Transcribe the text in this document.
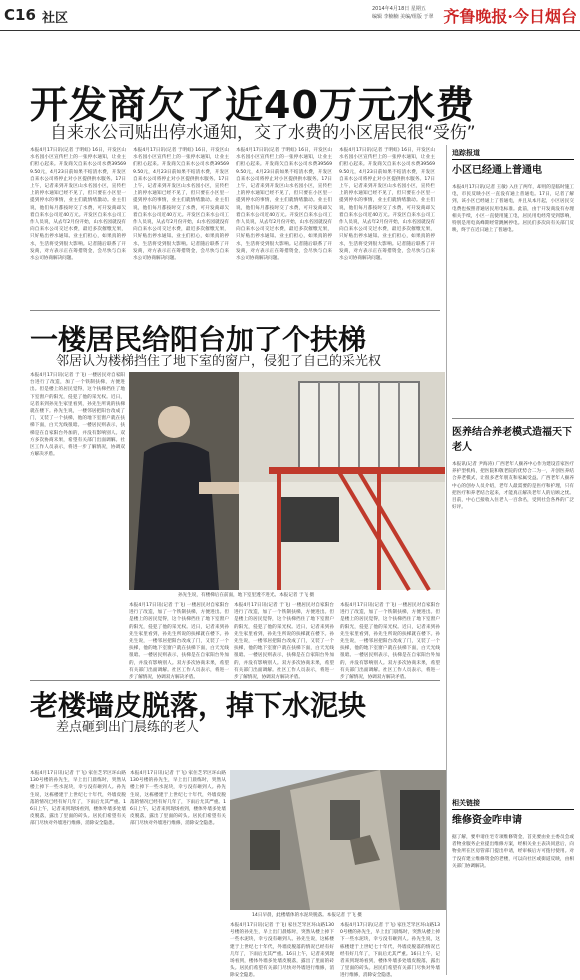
C16 社区
2014年4月18日 星期五
编辑 李楠楠 美编/组版 于翠 齐鲁晚报·今日烟台
开发商欠了近40万元水费
自来水公司贴出停水通知，交了水费的小区居民很“受伤”
本报4月17日讯(记者 于明虹) 16日，开发区山水名园小区宣传栏上的一张停水通知，让业主们担心起来。开发商欠自来水公司水费395699.50元，4月23日前如果不结清水费，开发区自来水公司将停止对小区提供供水服务。17日上午，记者来到开发区山水名园小区，宣传栏上的停水通知已经不见了，但只要在小区里一提到停水的事情，业主们就情绪激动。业主们说，他们每月都按时交了水费，可开发商却欠着自来水公司近40万元。开发区自来水公司工作人员说，从去年2月份开始，山水名园就没有向自来水公司交过水费，最近多次催缴无果，只好贴出停水通知。业主们担心，如果真的停水，生活将受到很大影响。记者随后联系了开发商，对方表示正在筹措资金，会尽快与自来水公司协商解决问题。
本报4月17日讯(记者 于明虹) 16日，开发区山水名园小区宣传栏上的一张停水通知，让业主们担心起来。开发商欠自来水公司水费395699.50元，4月23日前如果不结清水费，开发区自来水公司将停止对小区提供供水服务。17日上午，记者来到开发区山水名园小区，宣传栏上的停水通知已经不见了，但只要在小区里一提到停水的事情，业主们就情绪激动。业主们说，他们每月都按时交了水费，可开发商却欠着自来水公司近40万元。开发区自来水公司工作人员说，从去年2月份开始，山水名园就没有向自来水公司交过水费，最近多次催缴无果，只好贴出停水通知。业主们担心，如果真的停水，生活将受到很大影响。记者随后联系了开发商，对方表示正在筹措资金，会尽快与自来水公司协商解决问题。
本报4月17日讯(记者 于明虹) 16日，开发区山水名园小区宣传栏上的一张停水通知，让业主们担心起来。开发商欠自来水公司水费395699.50元，4月23日前如果不结清水费，开发区自来水公司将停止对小区提供供水服务。17日上午，记者来到开发区山水名园小区，宣传栏上的停水通知已经不见了，但只要在小区里一提到停水的事情，业主们就情绪激动。业主们说，他们每月都按时交了水费，可开发商却欠着自来水公司近40万元。开发区自来水公司工作人员说，从去年2月份开始，山水名园就没有向自来水公司交过水费，最近多次催缴无果，只好贴出停水通知。业主们担心，如果真的停水，生活将受到很大影响。记者随后联系了开发商，对方表示正在筹措资金，会尽快与自来水公司协商解决问题。
本报4月17日讯(记者 于明虹) 16日，开发区山水名园小区宣传栏上的一张停水通知，让业主们担心起来。开发商欠自来水公司水费395699.50元，4月23日前如果不结清水费，开发区自来水公司将停止对小区提供供水服务。17日上午，记者来到开发区山水名园小区，宣传栏上的停水通知已经不见了，但只要在小区里一提到停水的事情，业主们就情绪激动。业主们说，他们每月都按时交了水费，可开发商却欠着自来水公司近40万元。开发区自来水公司工作人员说，从去年2月份开始，山水名园就没有向自来水公司交过水费，最近多次催缴无果，只好贴出停水通知。业主们担心，如果真的停水，生活将受到很大影响。记者随后联系了开发商，对方表示正在筹措资金，会尽快与自来水公司协商解决问题。
追踪报道
小区已经通上普通电
本报4月17日讯(记者 王敏) 入住了两年，却用的是临时施工电，市民反映小区一直没有通上普通电。17日，记者了解到，该小区已经通上了普通电，并且从本月起，小区居民交电费也按照普通居民用电标准。此前，由于开发商没有办理相关手续，小区一直使用施工电，居民用电经常受到影响，特别是用电高峰期经常跳闸停电。居民们多次向有关部门反映，终于在近日通上了普通电。
一楼居民给阳台加了个扶梯
邻居认为楼梯挡住了地下室的窗户，侵犯了自己的采光权
本报4月17日讯(记者 于飞) 一楼居民对自家阳台进行了改造，加了一个铁制扶梯，方便进出。但是楼上的居民觉得，这个扶梯挡住了地下室窗户的阳光，侵犯了他的采光权。近日，记者来到孙先生家里看到，孙先生所说的扶梯就在楼下。孙先生说，一楼邻居把阳台改成了门，又装了一个扶梯，他的地下室窗户就在扶梯下面，白天光线很暗。一楼居民则表示，扶梯是在自家阳台外加的，并没有影响别人。双方多次协商未果，希望有关部门出面调解。社区工作人员表示，将进一步了解情况，协调双方解决矛盾。
孙先生说，有楼梯后在前面，地下室里透不进光。本报记者 于飞 摄
本报4月17日讯(记者 于飞) 一楼居民对自家阳台进行了改造，加了一个铁制扶梯，方便进出。但是楼上的居民觉得，这个扶梯挡住了地下室窗户的阳光，侵犯了他的采光权。近日，记者来到孙先生家里看到，孙先生所说的扶梯就在楼下。孙先生说，一楼邻居把阳台改成了门，又装了一个扶梯，他的地下室窗户就在扶梯下面，白天光线很暗。一楼居民则表示，扶梯是在自家阳台外加的，并没有影响别人。双方多次协商未果，希望有关部门出面调解。社区工作人员表示，将进一步了解情况，协调双方解决矛盾。
本报4月17日讯(记者 于飞) 一楼居民对自家阳台进行了改造，加了一个铁制扶梯，方便进出。但是楼上的居民觉得，这个扶梯挡住了地下室窗户的阳光，侵犯了他的采光权。近日，记者来到孙先生家里看到，孙先生所说的扶梯就在楼下。孙先生说，一楼邻居把阳台改成了门，又装了一个扶梯，他的地下室窗户就在扶梯下面，白天光线很暗。一楼居民则表示，扶梯是在自家阳台外加的，并没有影响别人。双方多次协商未果，希望有关部门出面调解。社区工作人员表示，将进一步了解情况，协调双方解决矛盾。
本报4月17日讯(记者 于飞) 一楼居民对自家阳台进行了改造，加了一个铁制扶梯，方便进出。但是楼上的居民觉得，这个扶梯挡住了地下室窗户的阳光，侵犯了他的采光权。近日，记者来到孙先生家里看到，孙先生所说的扶梯就在楼下。孙先生说，一楼邻居把阳台改成了门，又装了一个扶梯，他的地下室窗户就在扶梯下面，白天光线很暗。一楼居民则表示，扶梯是在自家阳台外加的，并没有影响别人。双方多次协商未果，希望有关部门出面调解。社区工作人员表示，将进一步了解情况，协调双方解决矛盾。
医养结合养老模式造福天下老人
本报讯(记者 尹海涛) 广西老年人颐养中心作为建设首家医疗养护型机构，把医院和敬老院的优势合二为一，开创医养结合养老模式，让很多老年朋友和家属受益。广西老年人颐养中心的创办人员介绍，老年人最需要的是医疗和护理，只有把医疗和养老结合起来，才能真正解决老年人的后顾之忧。目前，中心已接收入住老人一百余名，受到社会各界的广泛好评。
老楼墙皮脱落，掉下水泥块
差点砸到出门晨练的老人
本报4月17日讯(记者 于飞) 家住芝罘区环山路130号楼的孙先生，早上出门晨练时，突然从楼上掉下一些水泥块，幸亏没有砸到人。孙先生说，这栋楼建于上世纪七十年代，外墙皮脱落的情况已经有好几年了，下雨后尤其严重。16日上午，记者来到现场看到，楼体外墙多处墙皮脱落，露出了里面的砖头。居民们希望有关部门尽快对外墙进行维修，消除安全隐患。
本报4月17日讯(记者 于飞) 家住芝罘区环山路130号楼的孙先生，早上出门晨练时，突然从楼上掉下一些水泥块，幸亏没有砸到人。孙先生说，这栋楼建于上世纪七十年代，外墙皮脱落的情况已经有好几年了，下雨后尤其严重。16日上午，记者来到现场看到，楼体外墙多处墙皮脱落，露出了里面的砖头。居民们希望有关部门尽快对外墙进行维修，消除安全隐患。
14日早晨，此楼墙体的水泥块脱落。本报记者 于飞 摄
本报4月17日讯(记者 于飞) 家住芝罘区环山路130号楼的孙先生，早上出门晨练时，突然从楼上掉下一些水泥块，幸亏没有砸到人。孙先生说，这栋楼建于上世纪七十年代，外墙皮脱落的情况已经有好几年了，下雨后尤其严重。16日上午，记者来到现场看到，楼体外墙多处墙皮脱落，露出了里面的砖头。居民们希望有关部门尽快对外墙进行维修，消除安全隐患。
本报4月17日讯(记者 于飞) 家住芝罘区环山路130号楼的孙先生，早上出门晨练时，突然从楼上掉下一些水泥块，幸亏没有砸到人。孙先生说，这栋楼建于上世纪七十年代，外墙皮脱落的情况已经有好几年了，下雨后尤其严重。16日上午，记者来到现场看到，楼体外墙多处墙皮脱落，露出了里面的砖头。居民们希望有关部门尽快对外墙进行维修，消除安全隐患。
相关链接
维修资金咋申请
据了解，要申请住宅专项维修资金，首先要由业主委员会或者物业服务企业提出维修方案，经相关业主表决同意后，向物业所在区房管部门提出申请，经审核后方可拨付使用。对于没有建立维修资金的老楼，可以向社区或街道反映，由相关部门协调解决。
